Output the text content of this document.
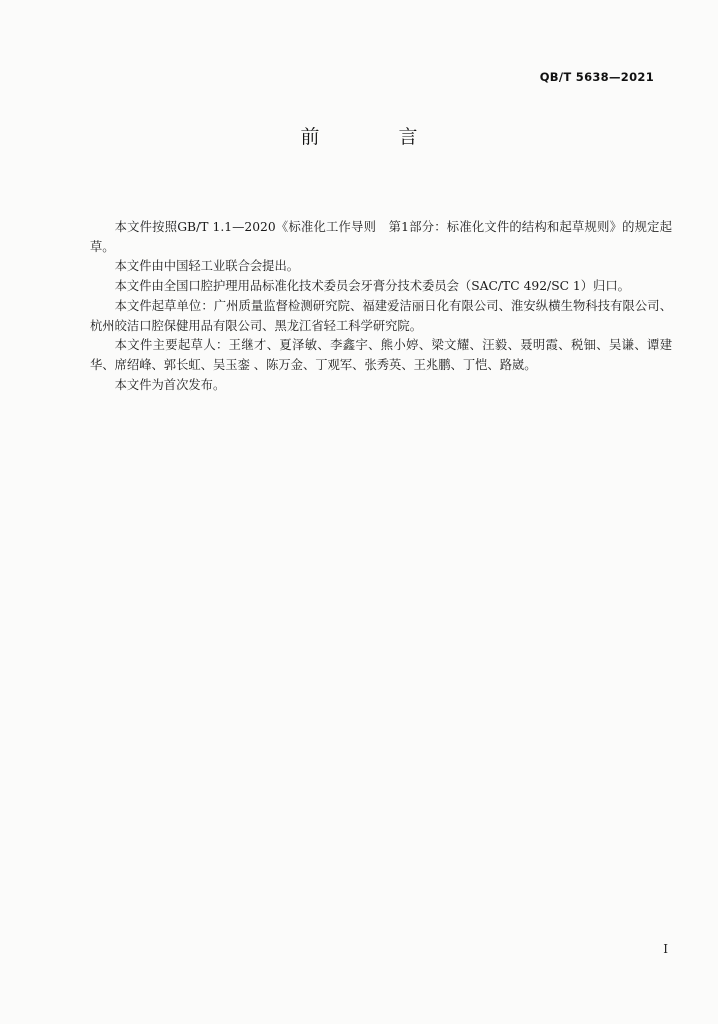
QB/T 5638—2021
前　言

本文件按照GB/T 1.1—2020《标准化工作导则　第1部分：标准化文件的结构和起草规则》的规定起草。

本文件由中国轻工业联合会提出。

本文件由全国口腔护理用品标准化技术委员会牙膏分技术委员会（SAC/TC 492/SC 1）归口。

本文件起草单位：广州质量监督检测研究院、福建爱洁丽日化有限公司、淮安纵横生物科技有限公司、杭州皎洁口腔保健用品有限公司、黑龙江省轻工科学研究院。

本文件主要起草人：王继才、夏泽敏、李鑫宇、熊小婷、梁文耀、汪毅、聂明霞、税钿、吴谦、谭建华、席绍峰、郭长虹、吴玉銮 、陈万金、丁观军、张秀英、王兆鹏、丁恺、路崴。

本文件为首次发布。

I
